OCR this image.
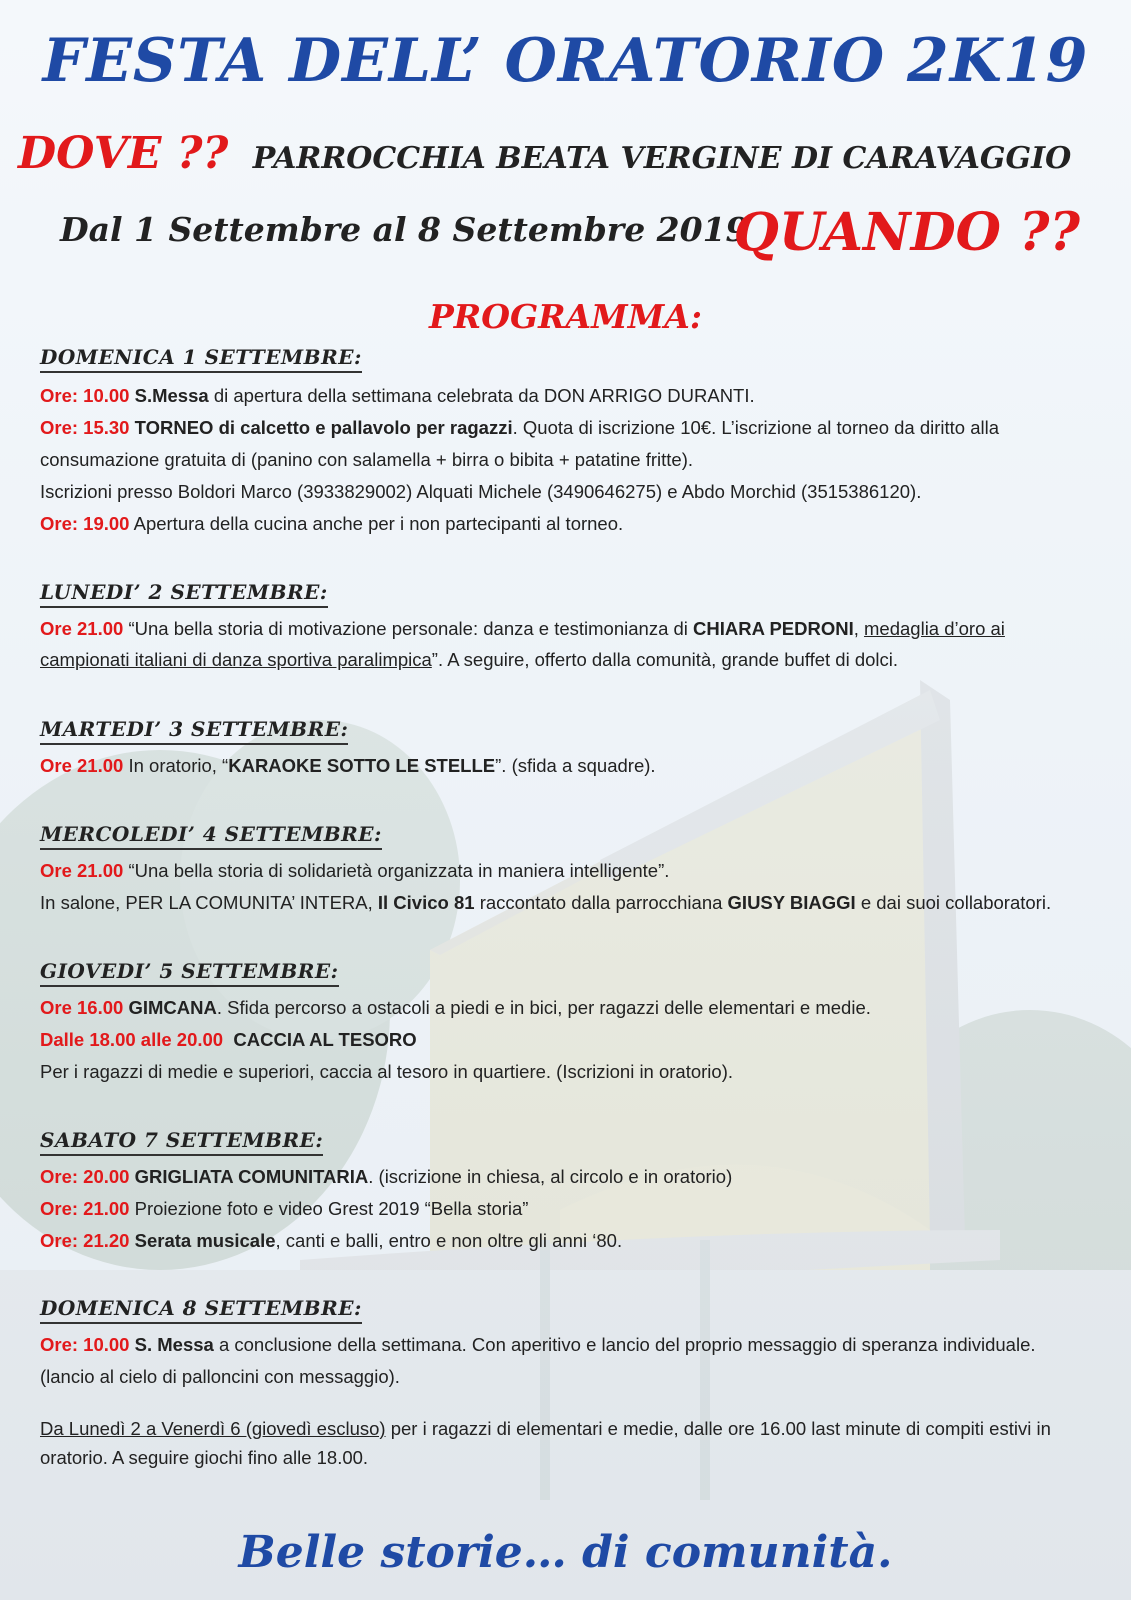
FESTA DELL’ ORATORIO 2K19
DOVE ?? PARROCCHIA BEATA VERGINE DI CARAVAGGIO
Dal 1 Settembre al 8 Settembre 2019
QUANDO ??
PROGRAMMA:
DOMENICA 1 SETTEMBRE:
Ore: 10.00 S.Messa di apertura della settimana celebrata da DON ARRIGO DURANTI.
Ore: 15.30 TORNEO di calcetto e pallavolo per ragazzi. Quota di iscrizione 10€. L’iscrizione al torneo da diritto alla
consumazione gratuita di (panino con salamella + birra o bibita + patatine fritte).
Iscrizioni presso Boldori Marco (3933829002) Alquati Michele (3490646275) e Abdo Morchid (3515386120).
Ore: 19.00 Apertura della cucina anche per i non partecipanti al torneo.
LUNEDI’ 2 SETTEMBRE:
Ore 21.00 “Una bella storia di motivazione personale: danza e testimonianza di CHIARA PEDRONI, medaglia d’oro ai
campionati italiani di danza sportiva paralimpica”. A seguire, offerto dalla comunità, grande buffet di dolci.
MARTEDI’ 3 SETTEMBRE:
Ore 21.00 In oratorio, “KARAOKE SOTTO LE STELLE”. (sfida a squadre).
MERCOLEDI’ 4 SETTEMBRE:
Ore 21.00 “Una bella storia di solidarietà organizzata in maniera intelligente”.
In salone, PER LA COMUNITA’ INTERA, Il Civico 81 raccontato dalla parrocchiana GIUSY BIAGGI e dai suoi collaboratori.
GIOVEDI’ 5 SETTEMBRE:
Ore 16.00 GIMCANA. Sfida percorso a ostacoli a piedi e in bici, per ragazzi delle elementari e medie.
Dalle 18.00 alle 20.00 CACCIA AL TESORO
Per i ragazzi di medie e superiori, caccia al tesoro in quartiere. (Iscrizioni in oratorio).
SABATO 7 SETTEMBRE:
Ore: 20.00 GRIGLIATA COMUNITARIA. (iscrizione in chiesa, al circolo e in oratorio)
Ore: 21.00 Proiezione foto e video Grest 2019 “Bella storia”
Ore: 21.20 Serata musicale, canti e balli, entro e non oltre gli anni ‘80.
DOMENICA 8 SETTEMBRE:
Ore: 10.00 S. Messa a conclusione della settimana. Con aperitivo e lancio del proprio messaggio di speranza individuale.
(lancio al cielo di palloncini con messaggio).
Da Lunedì 2 a Venerdì 6 (giovedì escluso) per i ragazzi di elementari e medie, dalle ore 16.00 last minute di compiti estivi in
oratorio. A seguire giochi fino alle 18.00.
Belle storie… di comunità.
